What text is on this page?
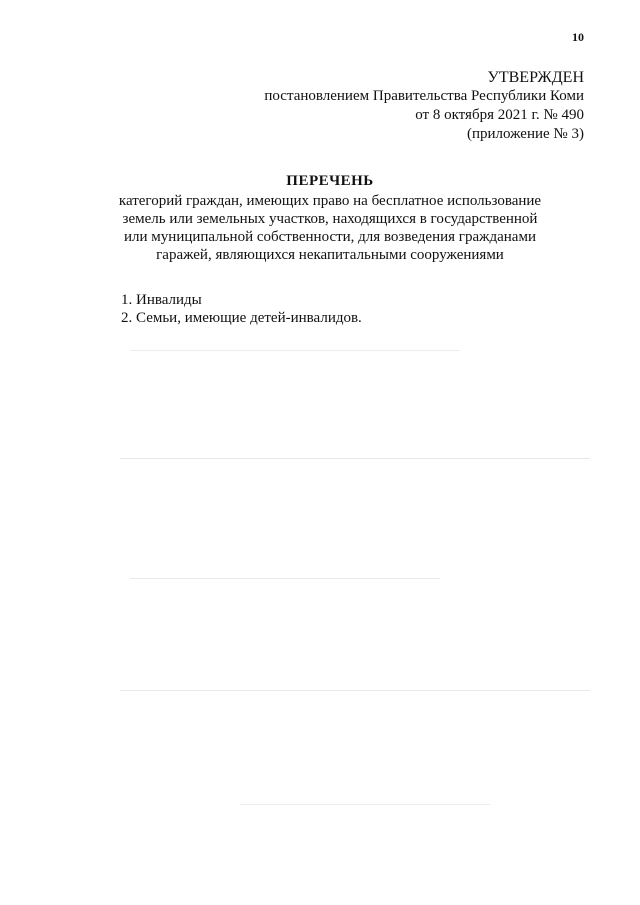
10
УТВЕРЖДЕН
постановлением Правительства Республики Коми
от 8 октября 2021 г. № 490
(приложение № 3)
ПЕРЕЧЕНЬ
категорий граждан, имеющих право на бесплатное использование
земель или земельных участков, находящихся в государственной
или муниципальной собственности, для возведения гражданами
гаражей, являющихся некапитальными сооружениями
1. Инвалиды
2. Семьи, имеющие детей-инвалидов.
